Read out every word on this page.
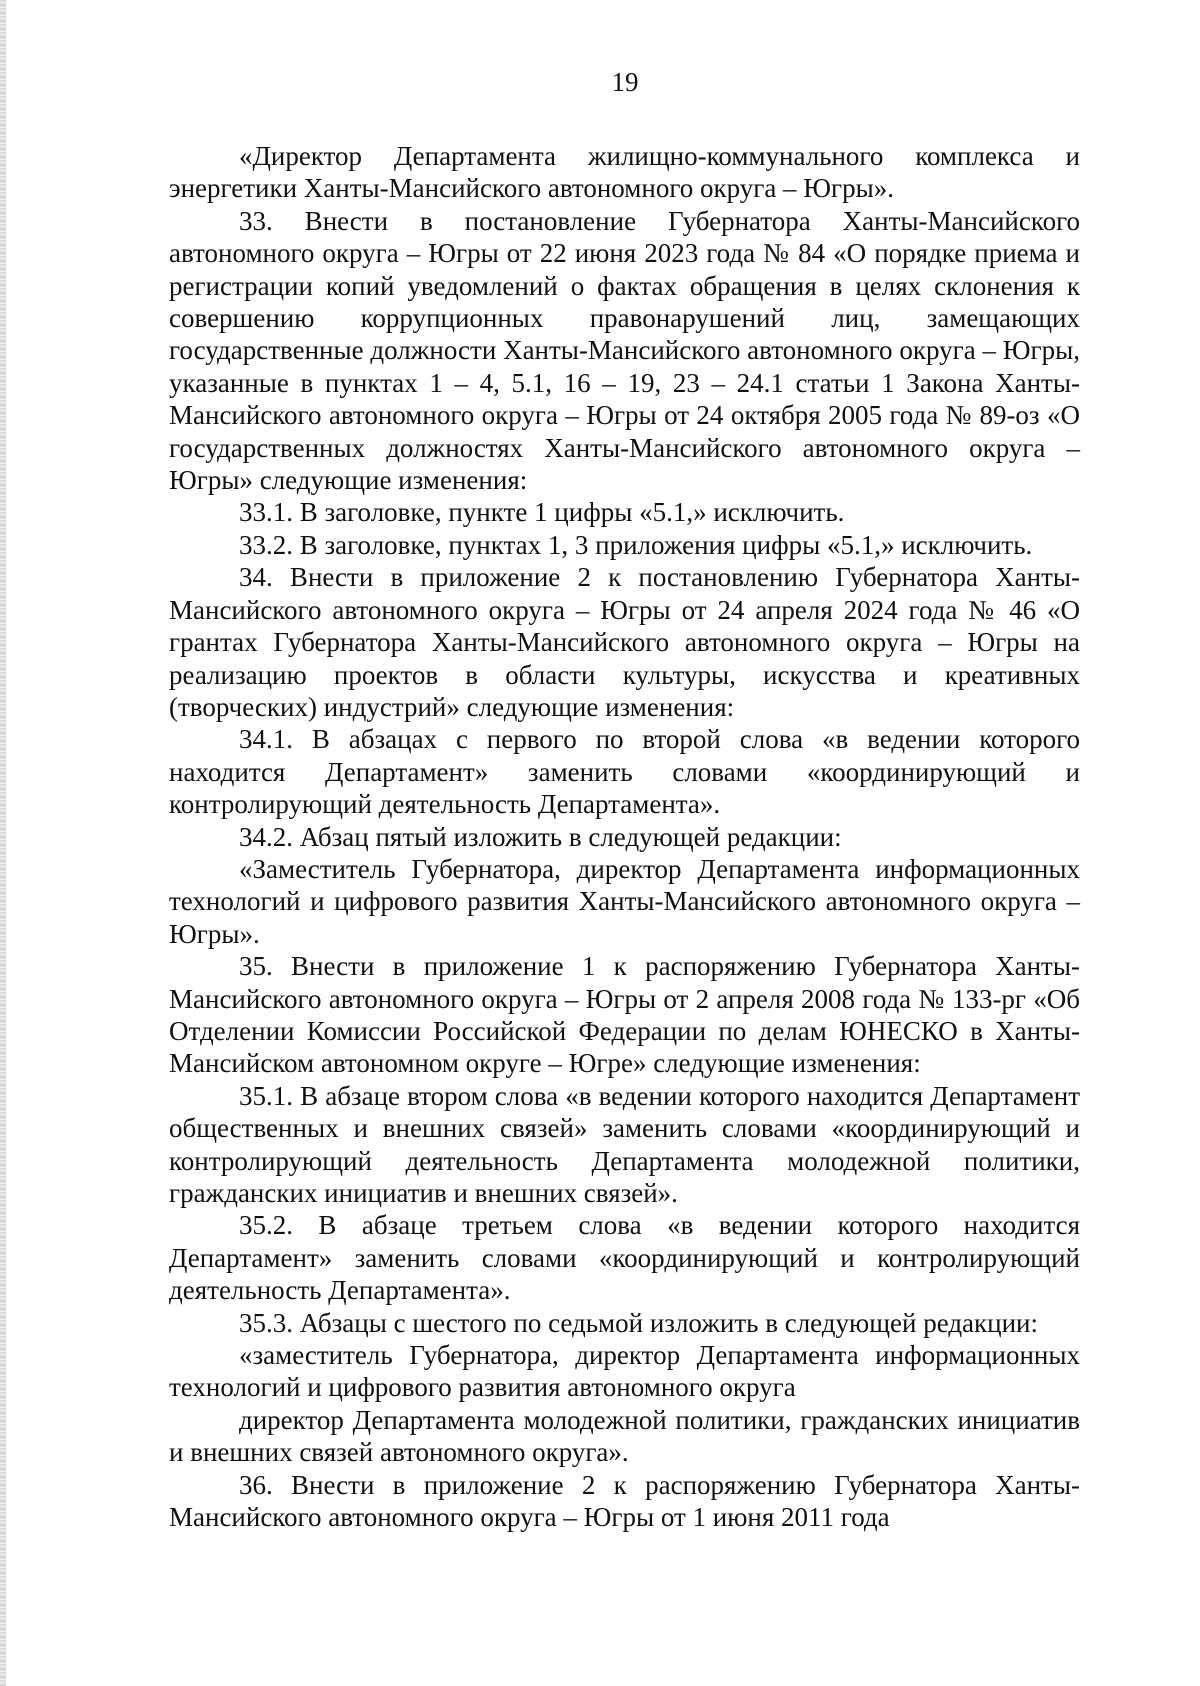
19

«Директор Департамента жилищно-коммунального комплекса и энергетики Ханты-Мансийского автономного округа – Югры».

33. Внести в постановление Губернатора Ханты-Мансийского автономного округа – Югры от 22 июня 2023 года № 84 «О порядке приема и регистрации копий уведомлений о фактах обращения в целях склонения к совершению коррупционных правонарушений лиц, замещающих государственные должности Ханты-Мансийского автономного округа – Югры, указанные в пунктах 1 – 4, 5.1, 16 – 19, 23 – 24.1 статьи 1 Закона Ханты-Мансийского автономного округа – Югры от 24 октября 2005 года № 89-оз «О государственных должностях Ханты-Мансийского автономного округа – Югры» следующие изменения:

33.1. В заголовке, пункте 1 цифры «5.1,» исключить.

33.2. В заголовке, пунктах 1, 3 приложения цифры «5.1,» исключить.

34. Внести в приложение 2 к постановлению Губернатора Ханты-Мансийского автономного округа – Югры от 24 апреля 2024 года № 46 «О грантах Губернатора Ханты-Мансийского автономного округа – Югры на реализацию проектов в области культуры, искусства и креативных (творческих) индустрий» следующие изменения:

34.1. В абзацах с первого по второй слова «в ведении которого находится Департамент» заменить словами «координирующий и контролирующий деятельность Департамента».

34.2. Абзац пятый изложить в следующей редакции:

«Заместитель Губернатора, директор Департамента информационных технологий и цифрового развития Ханты-Мансийского автономного округа – Югры».

35. Внести в приложение 1 к распоряжению Губернатора Ханты-Мансийского автономного округа – Югры от 2 апреля 2008 года № 133-рг «Об Отделении Комиссии Российской Федерации по делам ЮНЕСКО в Ханты-Мансийском автономном округе – Югре» следующие изменения:

35.1. В абзаце втором слова «в ведении которого находится Департамент общественных и внешних связей» заменить словами «координирующий и контролирующий деятельность Департамента молодежной политики, гражданских инициатив и внешних связей».

35.2. В абзаце третьем слова «в ведении которого находится Департамент» заменить словами «координирующий и контролирующий деятельность Департамента».

35.3. Абзацы с шестого по седьмой изложить в следующей редакции:

«заместитель Губернатора, директор Департамента информационных технологий и цифрового развития автономного округа

директор Департамента молодежной политики, гражданских инициатив и внешних связей автономного округа».

36. Внести в приложение 2 к распоряжению Губернатора Ханты-Мансийского автономного округа – Югры от 1 июня 2011 года
